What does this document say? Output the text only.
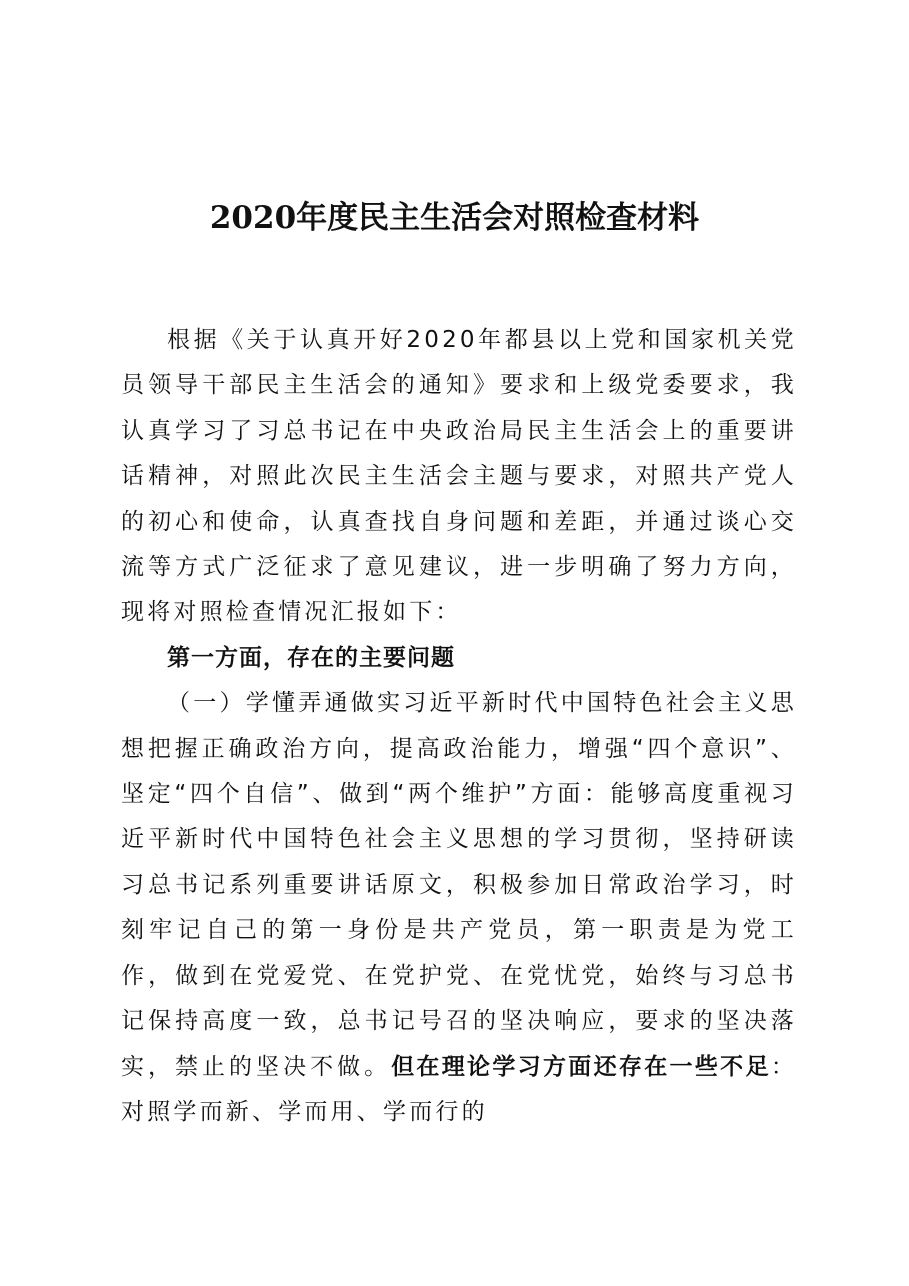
2020年度民主生活会对照检查材料

根据《关于认真开好2020年都县以上党和国家机关党员领导干部民主生活会的通知》要求和上级党委要求，我认真学习了习总书记在中央政治局民主生活会上的重要讲话精神，对照此次民主生活会主题与要求，对照共产党人的初心和使命，认真查找自身问题和差距，并通过谈心交流等方式广泛征求了意见建议，进一步明确了努力方向，现将对照检查情况汇报如下：

第一方面，存在的主要问题

（一）学懂弄通做实习近平新时代中国特色社会主义思想把握正确政治方向，提高政治能力，增强“四个意识”、坚定“四个自信”、做到“两个维护”方面：能够高度重视习近平新时代中国特色社会主义思想的学习贯彻，坚持研读习总书记系列重要讲话原文，积极参加日常政治学习，时刻牢记自己的第一身份是共产党员，第一职责是为党工作，做到在党爱党、在党护党、在党忧党，始终与习总书记保持高度一致，总书记号召的坚决响应，要求的坚决落实，禁止的坚决不做。但在理论学习方面还存在一些不足：对照学而新、学而用、学而行的
